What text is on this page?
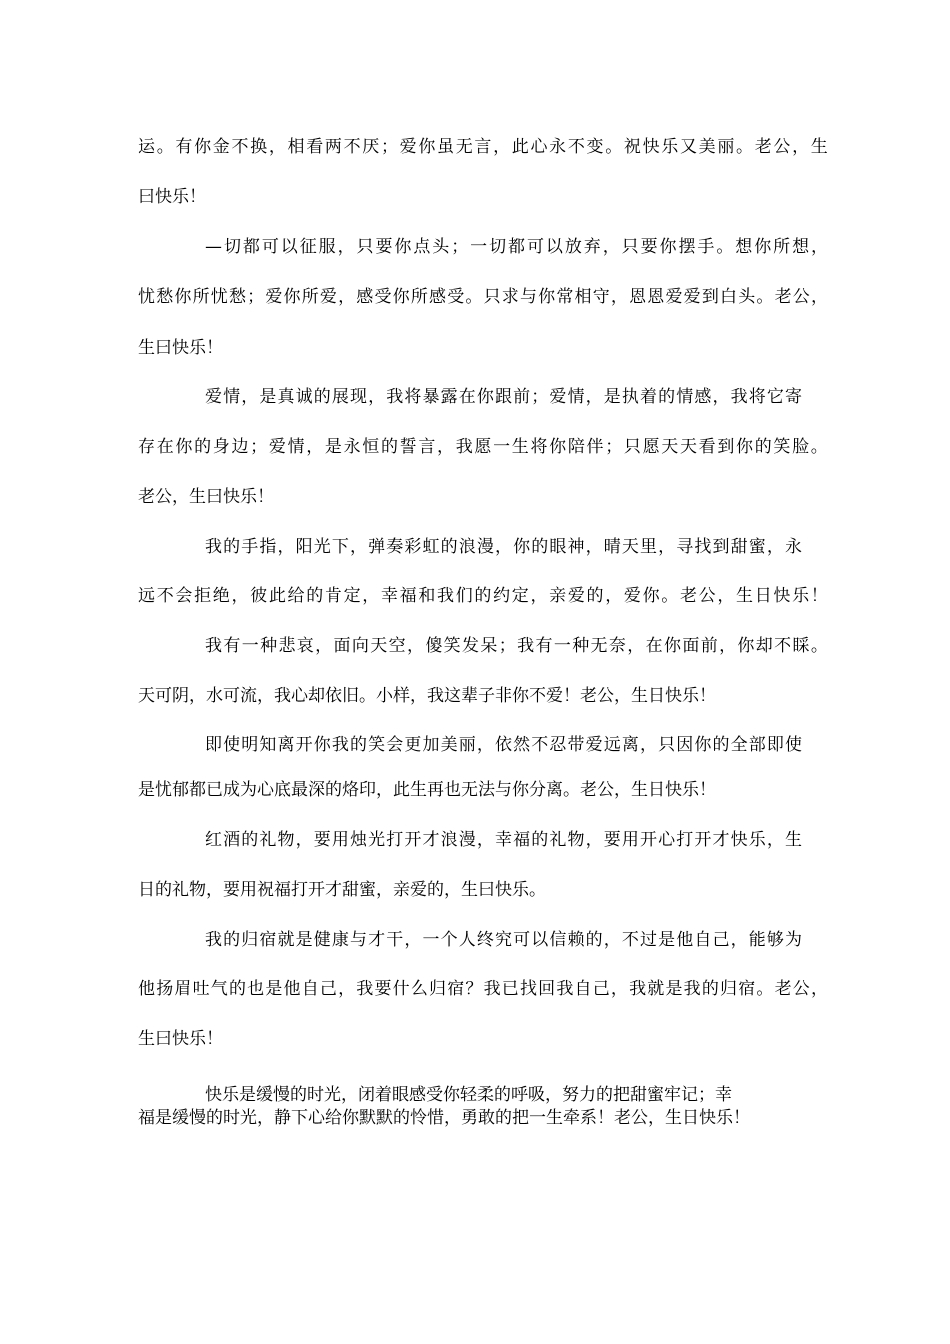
运 。 有 你 金 不 换 ， 相 看 两 不 厌 ； 爱 你 虽 无 言 ， 此 心 永 不 变 。 祝 快 乐 又 美 丽 。 老 公 ， 生
曰快乐！
— 切 都 可 以 征 服 ， 只 要 你 点 头 ； 一 切 都 可 以 放 弃 ， 只 要 你 摆 手 。 想 你 所 想 ，
忧 愁 你 所 忧 愁 ； 爱 你 所 爱 ， 感 受 你 所 感 受 。 只 求 与 你 常 相 守 ， 恩 恩 爱 爱 到 白 头 。 老 公 ，
生曰快乐！
爱 情 ， 是 真 诚 的 展 现 ， 我 将 暴 露 在 你 跟 前 ； 爱 情 ， 是 执 着 的 情 感 ， 我 将 它 寄
存 在 你 的 身 边 ； 爱 情 ， 是 永 恒 的 誓 言 ， 我 愿 一 生 将 你 陪 伴 ； 只 愿 天 天 看 到 你 的 笑 脸 。
老公，生曰快乐！
我 的 手 指 ， 阳 光 下 ， 弹 奏 彩 虹 的 浪 漫 ， 你 的 眼 神 ， 晴 天 里 ， 寻 找 到 甜 蜜 ， 永
远 不 会 拒 绝 ， 彼 此 给 的 肯 定 ， 幸 福 和 我 们 的 约 定 ， 亲 爱 的 ， 爱 你 。 老 公 ， 生 日 快 乐 ！
我 有 一 种 悲 哀 ， 面 向 天 空 ， 傻 笑 发 呆 ； 我 有 一 种 无 奈 ， 在 你 面 前 ， 你 却 不 睬 。
天可阴，水可流，我心却依旧。小样，我这辈子非你不爱！老公，生日快乐！
即 使 明 知 离 开 你 我 的 笑 会 更 加 美 丽 ， 依 然 不 忍 带 爱 远 离 ， 只 因 你 的 全 部 即 使
是忧郁都已成为心底最深的烙印，此生再也无法与你分离。老公，生日快乐！
红 酒 的 礼 物 ， 要 用 烛 光 打 开 才 浪 漫 ， 幸 福 的 礼 物 ， 要 用 开 心 打 开 才 快 乐 ， 生
日的礼物，要用祝福打开才甜蜜，亲爱的，生曰快乐。
我 的 归 宿 就 是 健 康 与 才 干 ， 一 个 人 终 究 可 以 信 赖 的 ， 不 过 是 他 自 己 ， 能 够 为
他 扬 眉 吐 气 的 也 是 他 自 己 ， 我 要 什 么 归 宿 ？ 我 已 找 回 我 自 己 ， 我 就 是 我 的 归 宿 。 老 公 ，
生曰快乐！
快乐是缓慢的时光，闭着眼感受你轻柔的呼吸，努力的把甜蜜牢记；幸
福是缓慢的时光，静下心给你默默的怜惜，勇敢的把一生牵系！老公，生日快乐！
